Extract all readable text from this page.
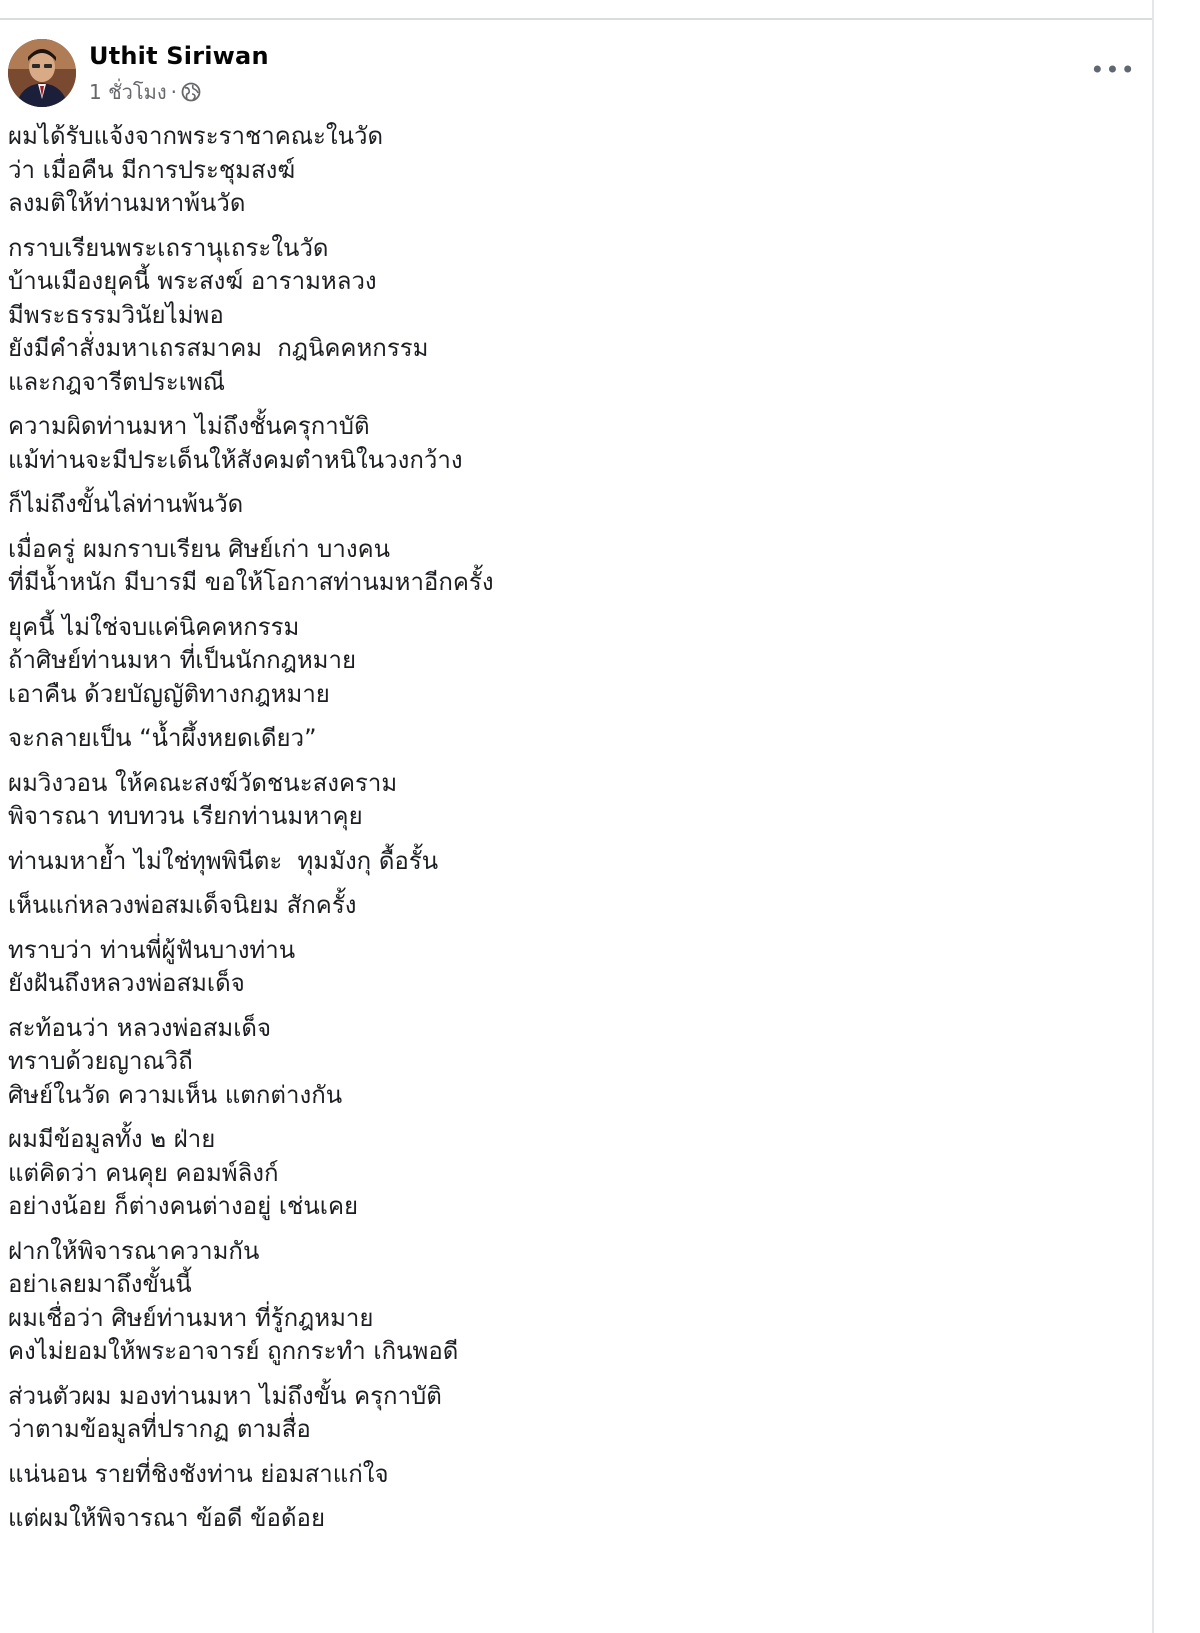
Uthit Siriwan
1 ชั่วโมง ·
•••
ผมได้รับแจ้งจากพระราชาคณะในวัด
ว่า เมื่อคืน มีการประชุมสงฆ์
ลงมติให้ท่านมหาพ้นวัด
กราบเรียนพระเถรานุเถระในวัด
บ้านเมืองยุคนี้ พระสงฆ์ อารามหลวง
มีพระธรรมวินัยไม่พอ
ยังมีคำสั่งมหาเถรสมาคม  กฎนิคคหกรรม
และกฎจารีตประเพณี
ความผิดท่านมหา ไม่ถึงชั้นครุกาบัติ
แม้ท่านจะมีประเด็นให้สังคมตำหนิในวงกว้าง
ก็ไม่ถึงขั้นไล่ท่านพ้นวัด
เมื่อครู่ ผมกราบเรียน ศิษย์เก่า บางคน
ที่มีน้ำหนัก มีบารมี ขอให้โอกาสท่านมหาอีกครั้ง
ยุคนี้ ไม่ใช่จบแค่นิคคหกรรม
ถ้าศิษย์ท่านมหา ที่เป็นนักกฎหมาย
เอาคืน ด้วยบัญญัติทางกฎหมาย
จะกลายเป็น “น้ำผึ้งหยดเดียว”
ผมวิงวอน ให้คณะสงฆ์วัดชนะสงคราม
พิจารณา ทบทวน เรียกท่านมหาคุย
ท่านมหาย้ำ ไม่ใช่ทุพพินีตะ  ทุมมังกุ ดื้อรั้น
เห็นแก่หลวงพ่อสมเด็จนิยม สักครั้ง
ทราบว่า ท่านพี่ผู้ฟันบางท่าน
ยังฝันถึงหลวงพ่อสมเด็จ
สะท้อนว่า หลวงพ่อสมเด็จ
ทราบด้วยญาณวิถี
ศิษย์ในวัด ความเห็น แตกต่างกัน
ผมมีข้อมูลทั้ง ๒ ฝ่าย
แต่คิดว่า คนคุย คอมพ์ลิงก์
อย่างน้อย ก็ต่างคนต่างอยู่ เช่นเคย
ฝากให้พิจารณาความกัน
อย่าเลยมาถึงขั้นนี้
ผมเชื่อว่า ศิษย์ท่านมหา ที่รู้กฎหมาย
คงไม่ยอมให้พระอาจารย์ ถูกกระทำ เกินพอดี
ส่วนตัวผม มองท่านมหา ไม่ถึงขั้น ครุกาบัติ
ว่าตามข้อมูลที่ปรากฏ ตามสื่อ
แน่นอน รายที่ชิงชังท่าน ย่อมสาแก่ใจ
แต่ผมให้พิจารณา ข้อดี ข้อด้อย
